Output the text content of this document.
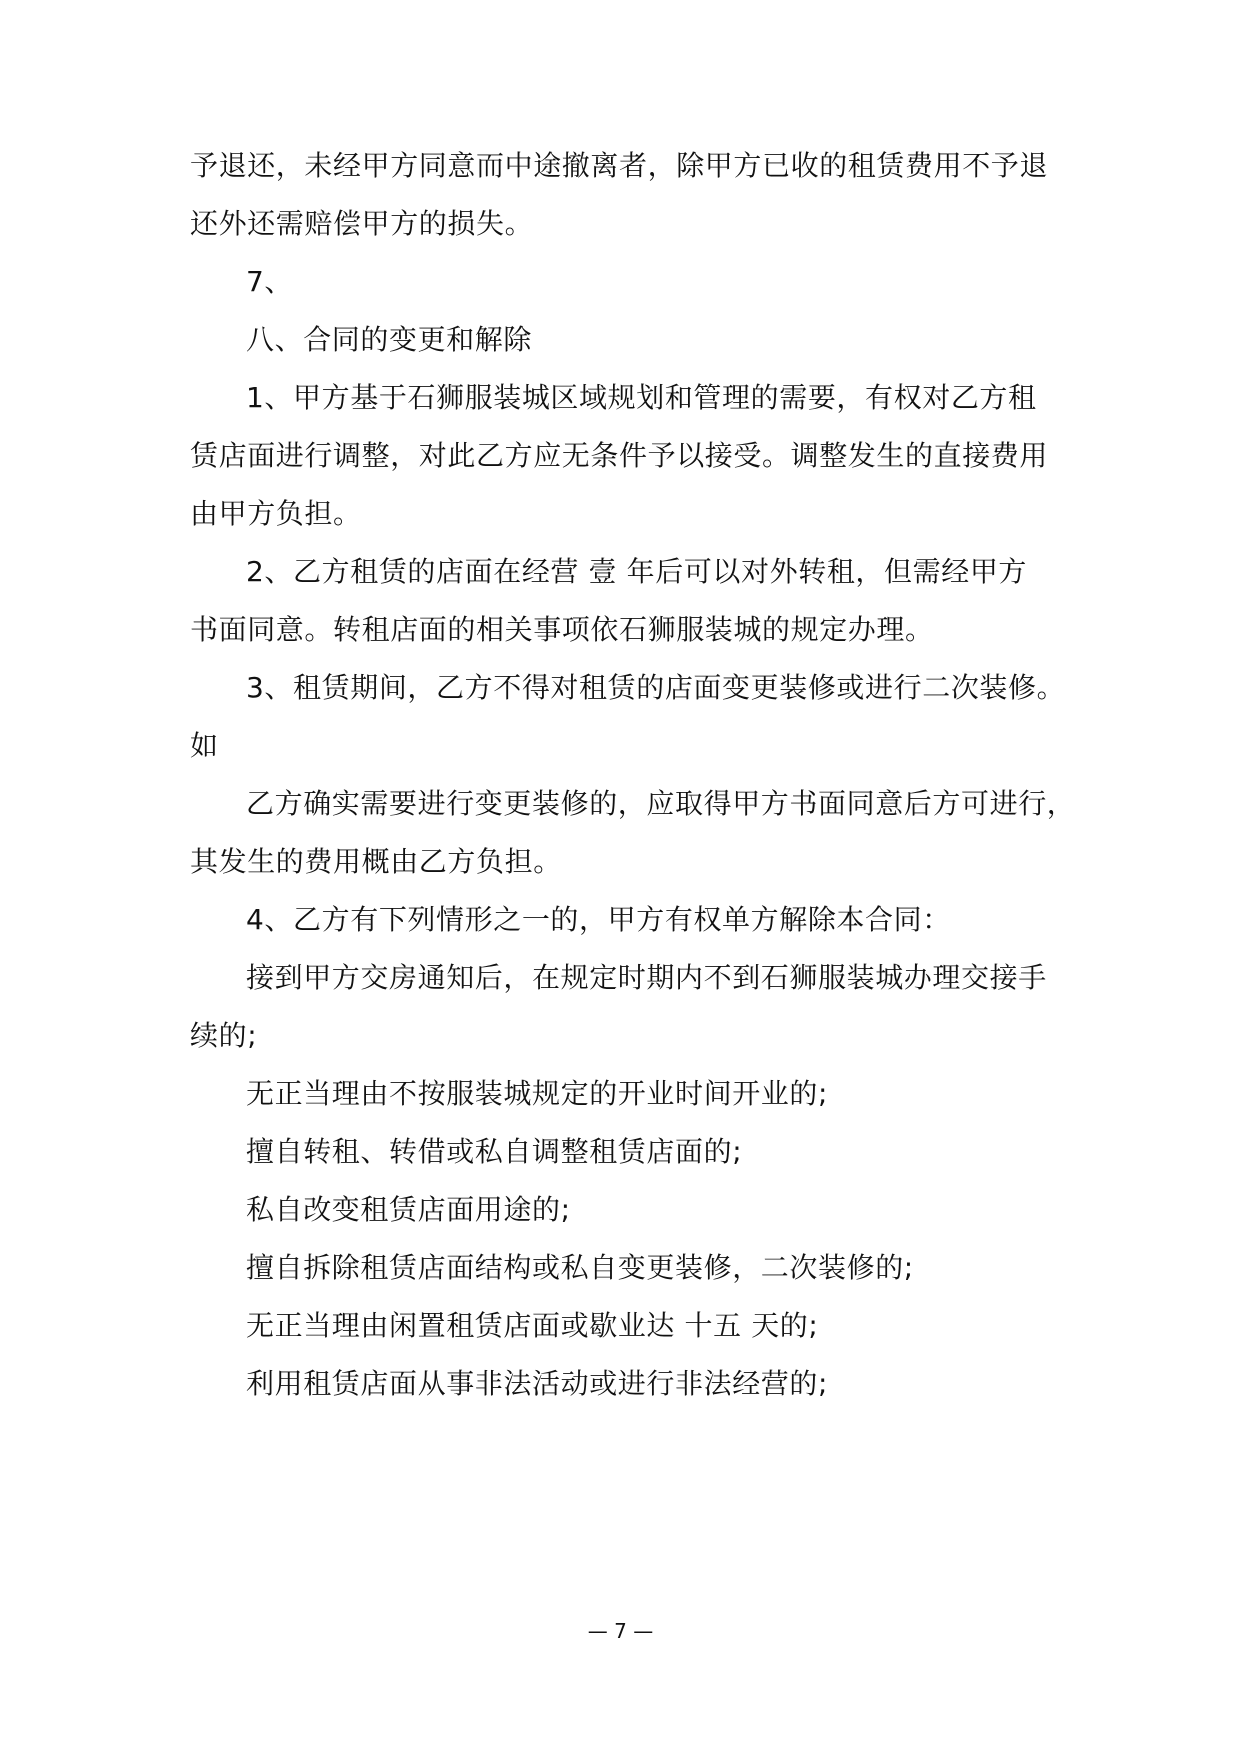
予退还，未经甲方同意而中途撤离者，除甲方已收的租赁费用不予退
还外还需赔偿甲方的损失。
7、
八、合同的变更和解除
1、甲方基于石狮服装城区域规划和管理的需要，有权对乙方租
赁店面进行调整，对此乙方应无条件予以接受。调整发生的直接费用
由甲方负担。
2、乙方租赁的店面在经营 壹 年后可以对外转租，但需经甲方
书面同意。转租店面的相关事项依石狮服装城的规定办理。
3、租赁期间，乙方不得对租赁的店面变更装修或进行二次装修。
如
乙方确实需要进行变更装修的，应取得甲方书面同意后方可进行，
其发生的费用概由乙方负担。
4、乙方有下列情形之一的，甲方有权单方解除本合同：
接到甲方交房通知后，在规定时期内不到石狮服装城办理交接手
续的;
无正当理由不按服装城规定的开业时间开业的;
擅自转租、转借或私自调整租赁店面的;
私自改变租赁店面用途的;
擅自拆除租赁店面结构或私自变更装修，二次装修的;
无正当理由闲置租赁店面或歇业达 十五 天的;
利用租赁店面从事非法活动或进行非法经营的;
— 7 —
